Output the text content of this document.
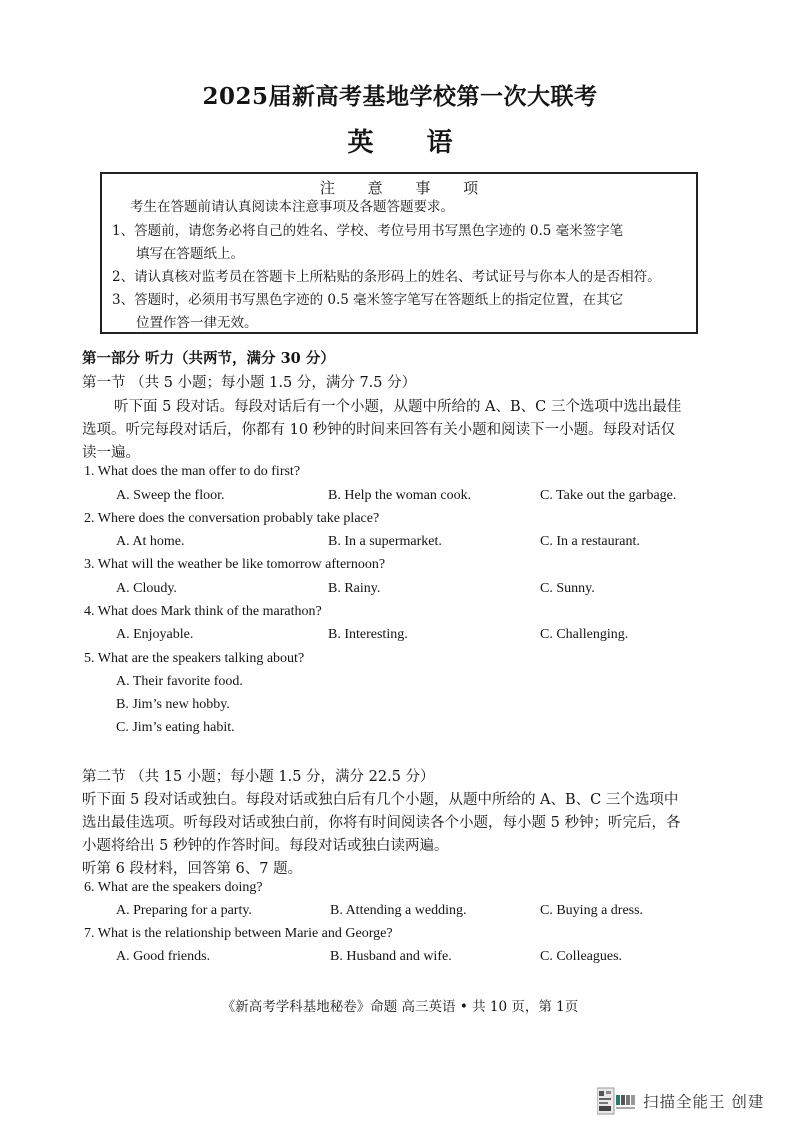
2025届新高考基地学校第一次大联考
英 语
注 意 事 项
考生在答题前请认真阅读本注意事项及各题答题要求。
1、答题前，请您务必将自己的姓名、学校、考位号用书写黑色字迹的 0.5 毫米签字笔
填写在答题纸上。
2、请认真核对监考员在答题卡上所粘贴的条形码上的姓名、考试证号与你本人的是否相符。
3、答题时，必须用书写黑色字迹的 0.5 毫米签字笔写在答题纸上的指定位置，在其它
位置作答一律无效。
第一部分 听力（共两节，满分 30 分）
第一节 （共 5 小题；每小题 1.5 分，满分 7.5 分）
听下面 5 段对话。每段对话后有一个小题，从题中所给的 A、B、C 三个选项中选出最佳
选项。听完每段对话后，你都有 10 秒钟的时间来回答有关小题和阅读下一小题。每段对话仅
读一遍。
1. What does the man offer to do first?
A. Sweep the floor.	B. Help the woman cook.	C. Take out the garbage.
2. Where does the conversation probably take place?
A. At home.	B. In a supermarket.	C. In a restaurant.
3. What will the weather be like tomorrow afternoon?
A. Cloudy.	B. Rainy.	C. Sunny.
4. What does Mark think of the marathon?
A. Enjoyable.	B. Interesting.	C. Challenging.
5. What are the speakers talking about?
A. Their favorite food.
B. Jim’s new hobby.
C. Jim’s eating habit.
第二节 （共 15 小题；每小题 1.5 分，满分 22.5 分）
听下面 5 段对话或独白。每段对话或独白后有几个小题，从题中所给的 A、B、C 三个选项中
选出最佳选项。听每段对话或独白前，你将有时间阅读各个小题，每小题 5 秒钟；听完后，各
小题将给出 5 秒钟的作答时间。每段对话或独白读两遍。
听第 6 段材料，回答第 6、7 题。
6. What are the speakers doing?
A. Preparing for a party.	B. Attending a wedding.	C. Buying a dress.
7. What is the relationship between Marie and George?
A. Good friends.	B. Husband and wife.	C. Colleagues.
《新高考学科基地秘卷》命题 高三英语 • 共 10 页，第 1页
扫描全能王 创建
